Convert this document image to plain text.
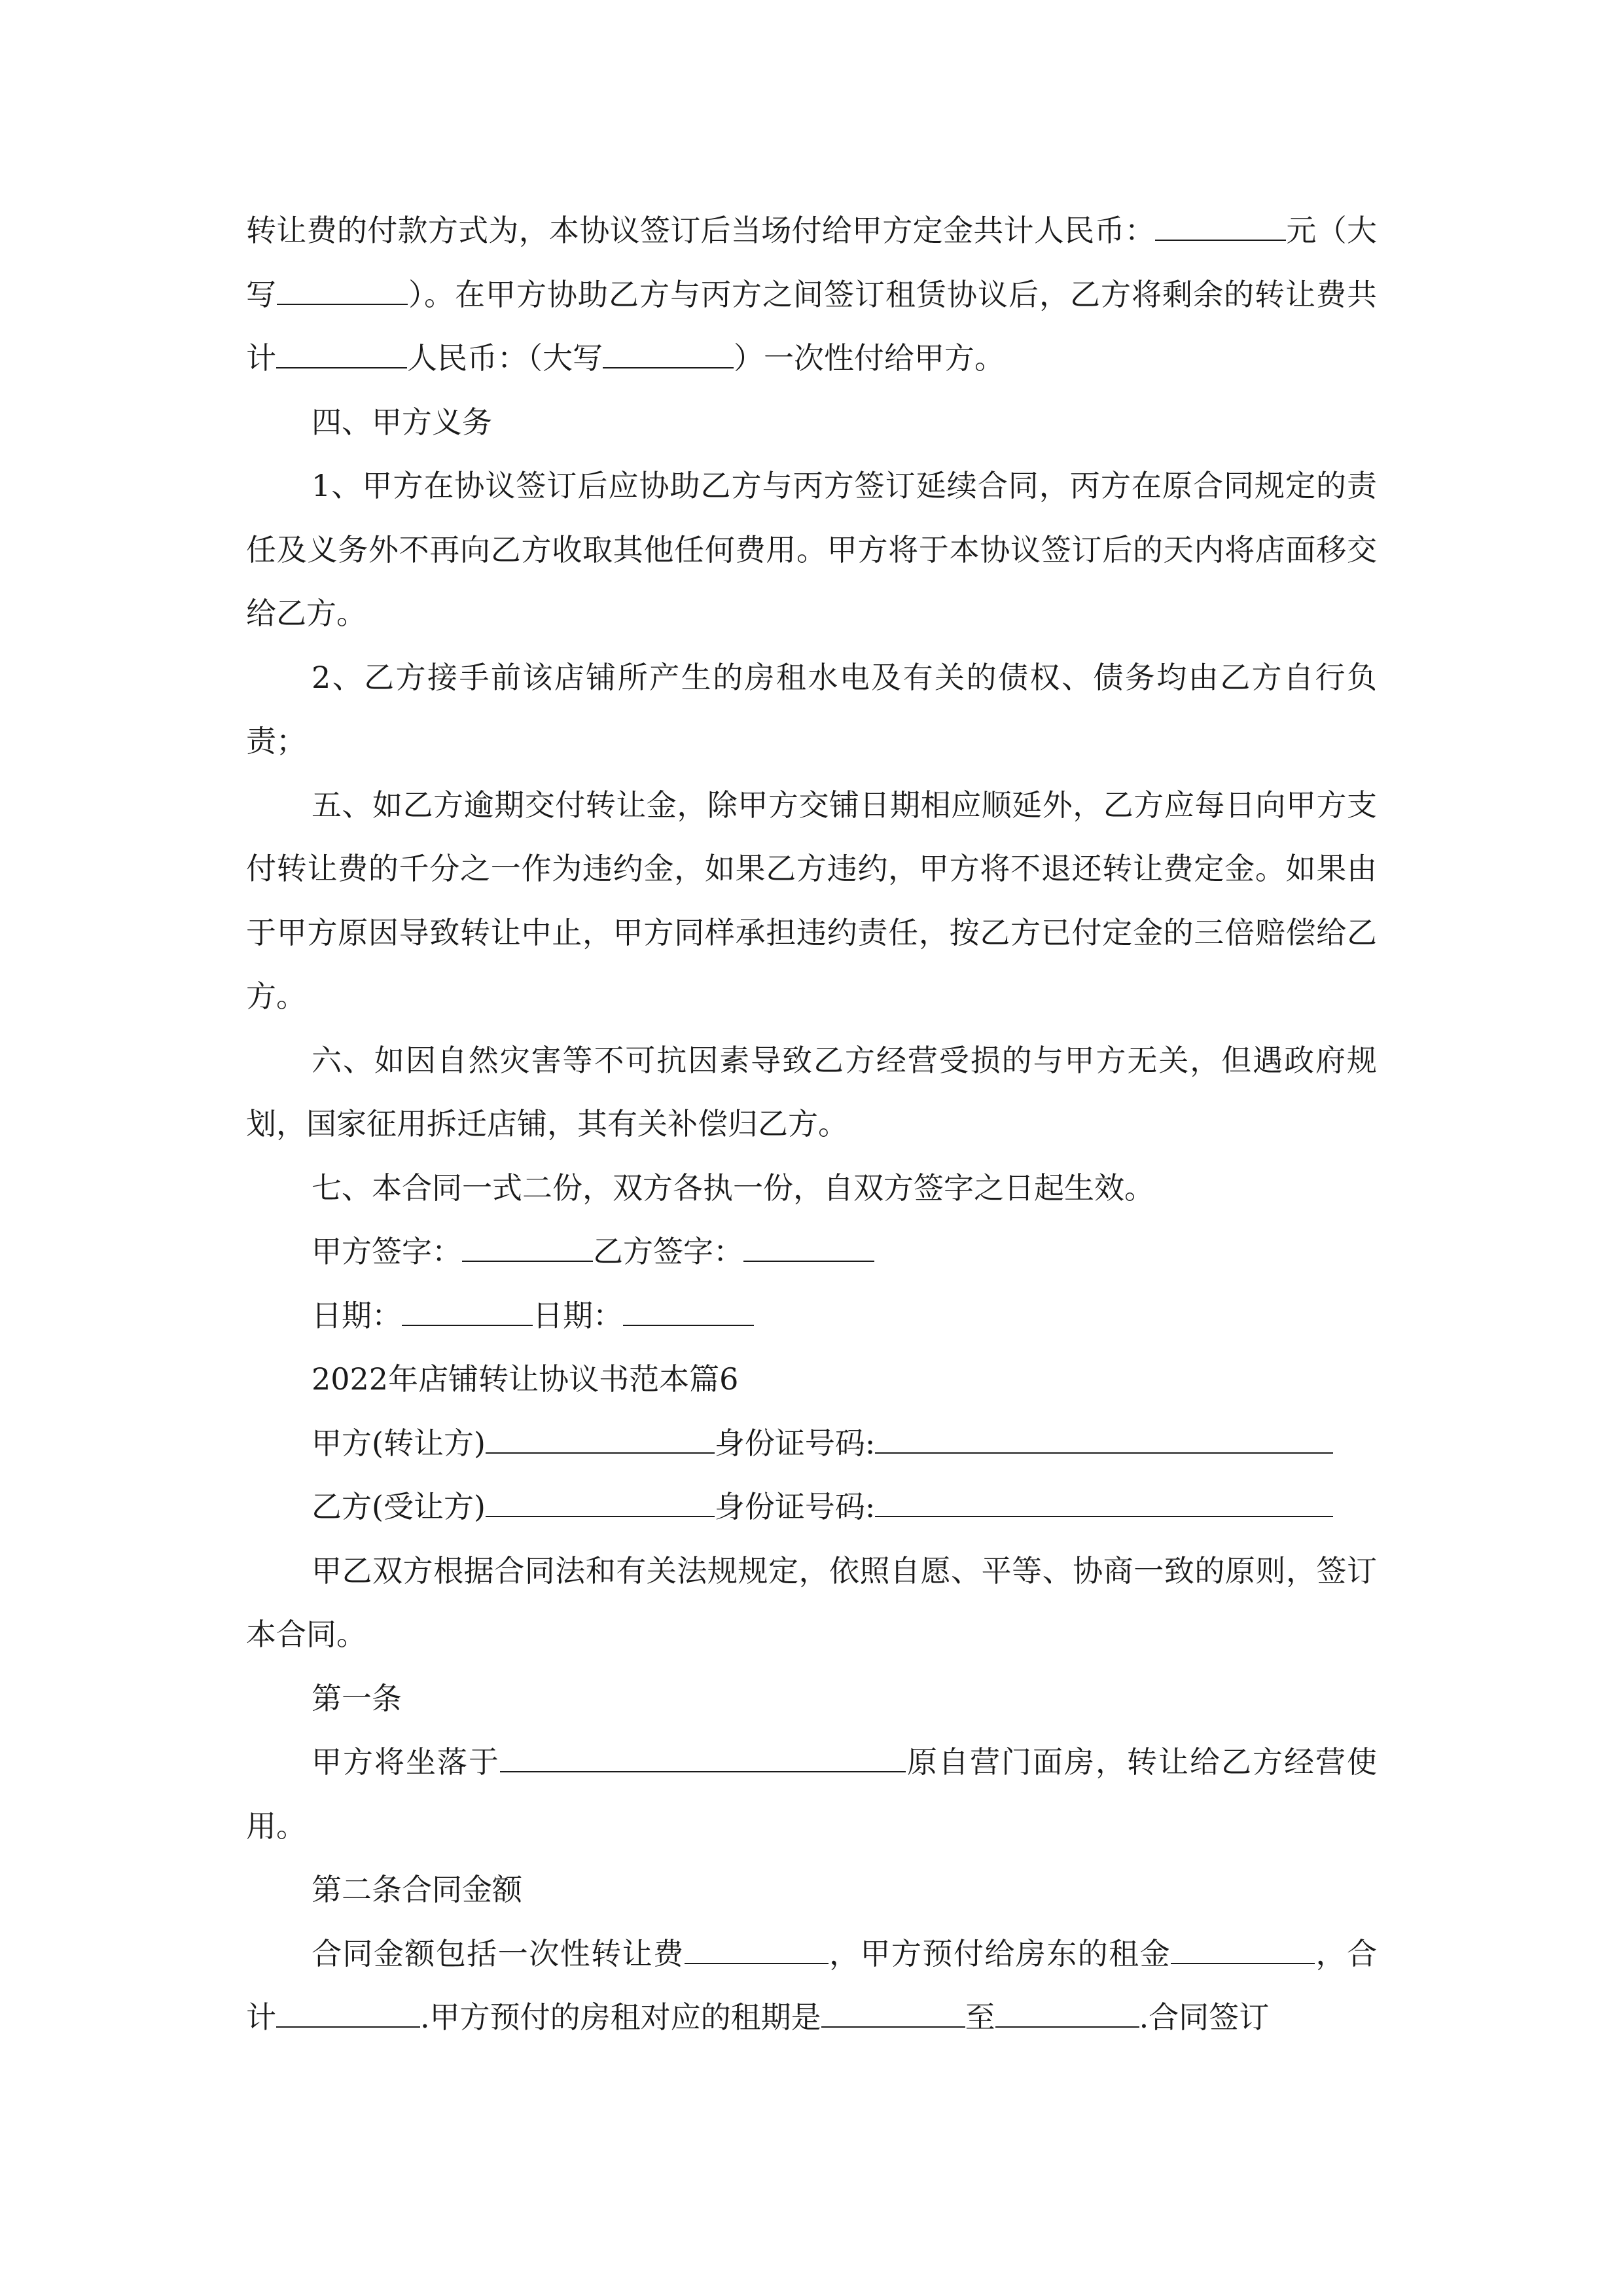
转让费的付款方式为，本协议签订后当场付给甲方定金共计人民币：	元（大写	）。在甲方协助乙方与丙方之间签订租赁协议后，乙方将剩余的转让费共计	人民币：（大写	）一次性付给甲方。

四、甲方义务

1、甲方在协议签订后应协助乙方与丙方签订延续合同，丙方在原合同规定的责任及义务外不再向乙方收取其他任何费用。甲方将于本协议签订后的天内将店面移交给乙方。

2、乙方接手前该店铺所产生的房租水电及有关的债权、债务均由乙方自行负责；

五、如乙方逾期交付转让金，除甲方交铺日期相应顺延外，乙方应每日向甲方支付转让费的千分之一作为违约金，如果乙方违约，甲方将不退还转让费定金。如果由于甲方原因导致转让中止，甲方同样承担违约责任，按乙方已付定金的三倍赔偿给乙方。

六、如因自然灾害等不可抗因素导致乙方经营受损的与甲方无关，但遇政府规划，国家征用拆迁店铺，其有关补偿归乙方。

七、本合同一式二份，双方各执一份，自双方签字之日起生效。

甲方签字：	乙方签字：

日期：	日期：

2022年店铺转让协议书范本篇6

甲方(转让方)	身份证号码:

乙方(受让方)	身份证号码:

甲乙双方根据合同法和有关法规规定，依照自愿、平等、协商一致的原则，签订本合同。

第一条

甲方将坐落于	原自营门面房，转让给乙方经营使用。

第二条合同金额

合同金额包括一次性转让费	，甲方预付给房东的租金	，合计	.甲方预付的房租对应的租期是	至	.合同签订
